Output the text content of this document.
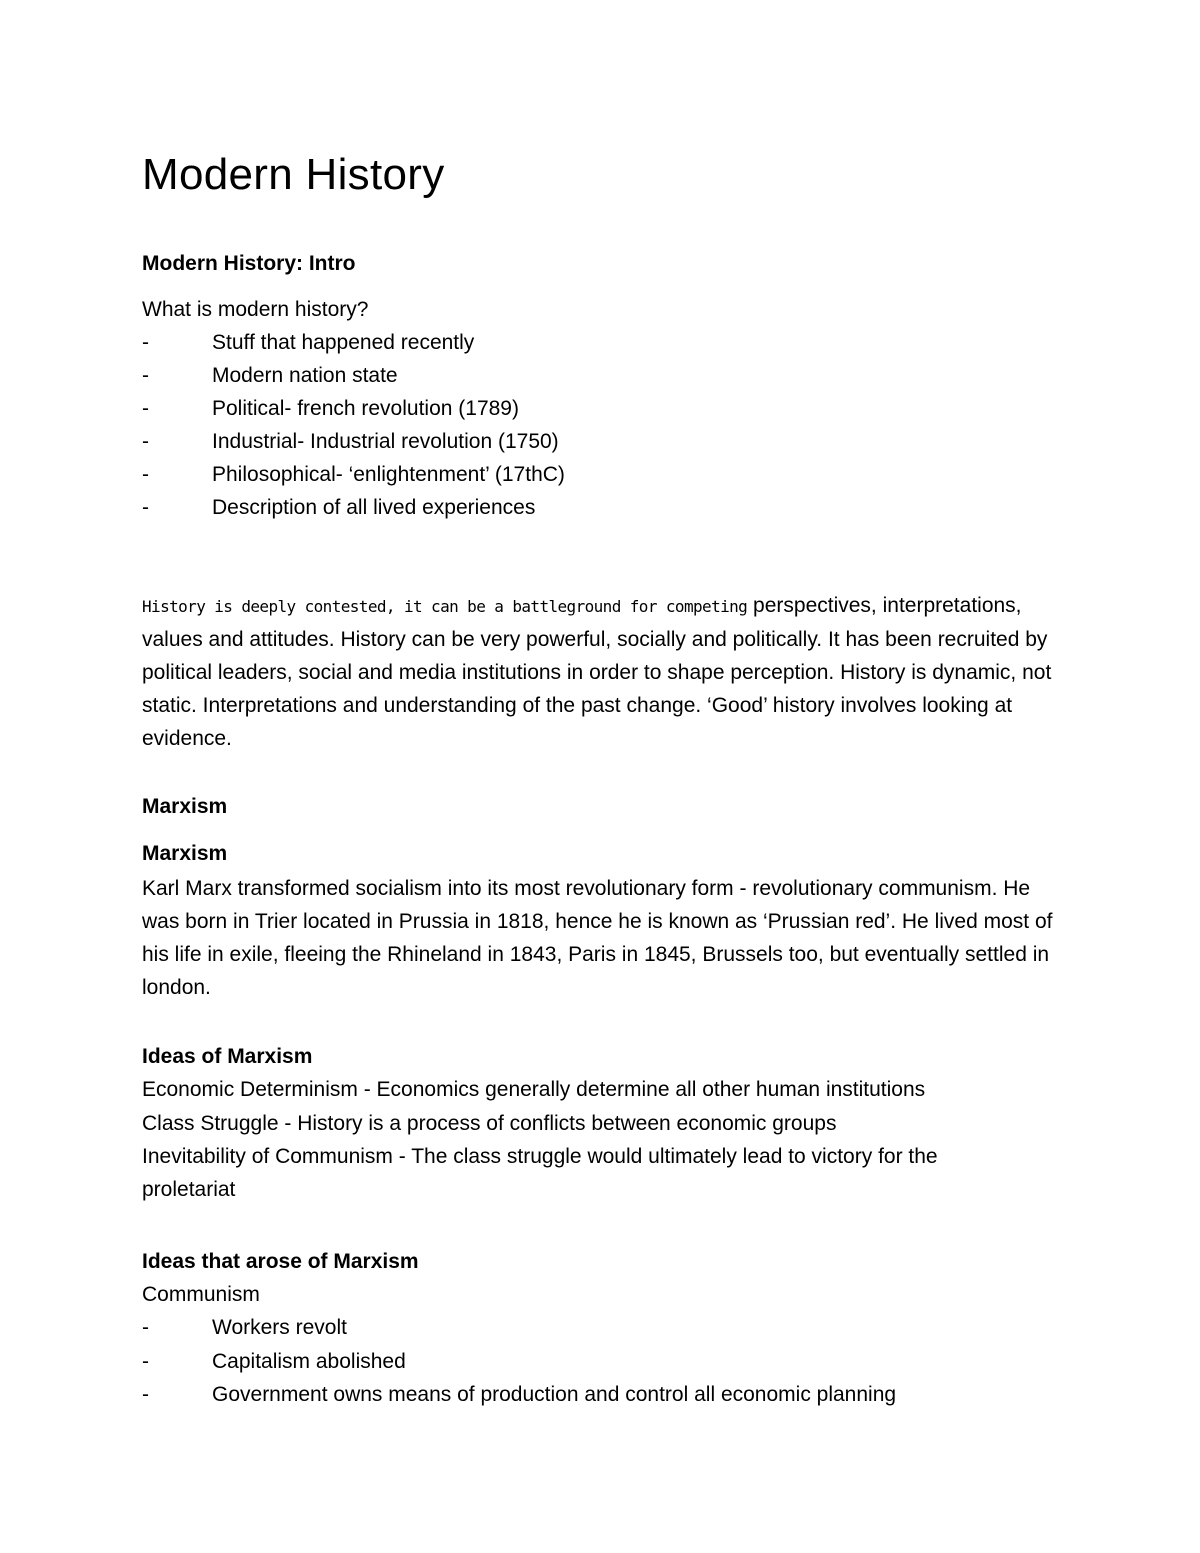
Modern History
Modern History: Intro
What is modern history?
-	Stuff that happened recently
-	Modern nation state
-	Political- french revolution (1789)
-	Industrial- Industrial revolution (1750)
-	Philosophical- ‘enlightenment’ (17thC)
-	Description of all lived experiences
History is deeply contested, it can be a battleground for competing perspectives, interpretations, values and attitudes. History can be very powerful, socially and politically. It has been recruited by political leaders, social and media institutions in order to shape perception. History is dynamic, not static. Interpretations and understanding of the past change. ‘Good’ history involves looking at evidence.
Marxism
Marxism
Karl Marx transformed socialism into its most revolutionary form - revolutionary communism. He was born in Trier located in Prussia in 1818, hence he is known as ‘Prussian red’. He lived most of his life in exile, fleeing the Rhineland in 1843, Paris in 1845, Brussels too, but eventually settled in london.
Ideas of Marxism
Economic Determinism - Economics generally determine all other human institutions
Class Struggle - History is a process of conflicts between economic groups
Inevitability of Communism - The class struggle would ultimately lead to victory for the proletariat
Ideas that arose of Marxism
Communism
-	Workers revolt
-	Capitalism abolished
-	Government owns means of production and control all economic planning
